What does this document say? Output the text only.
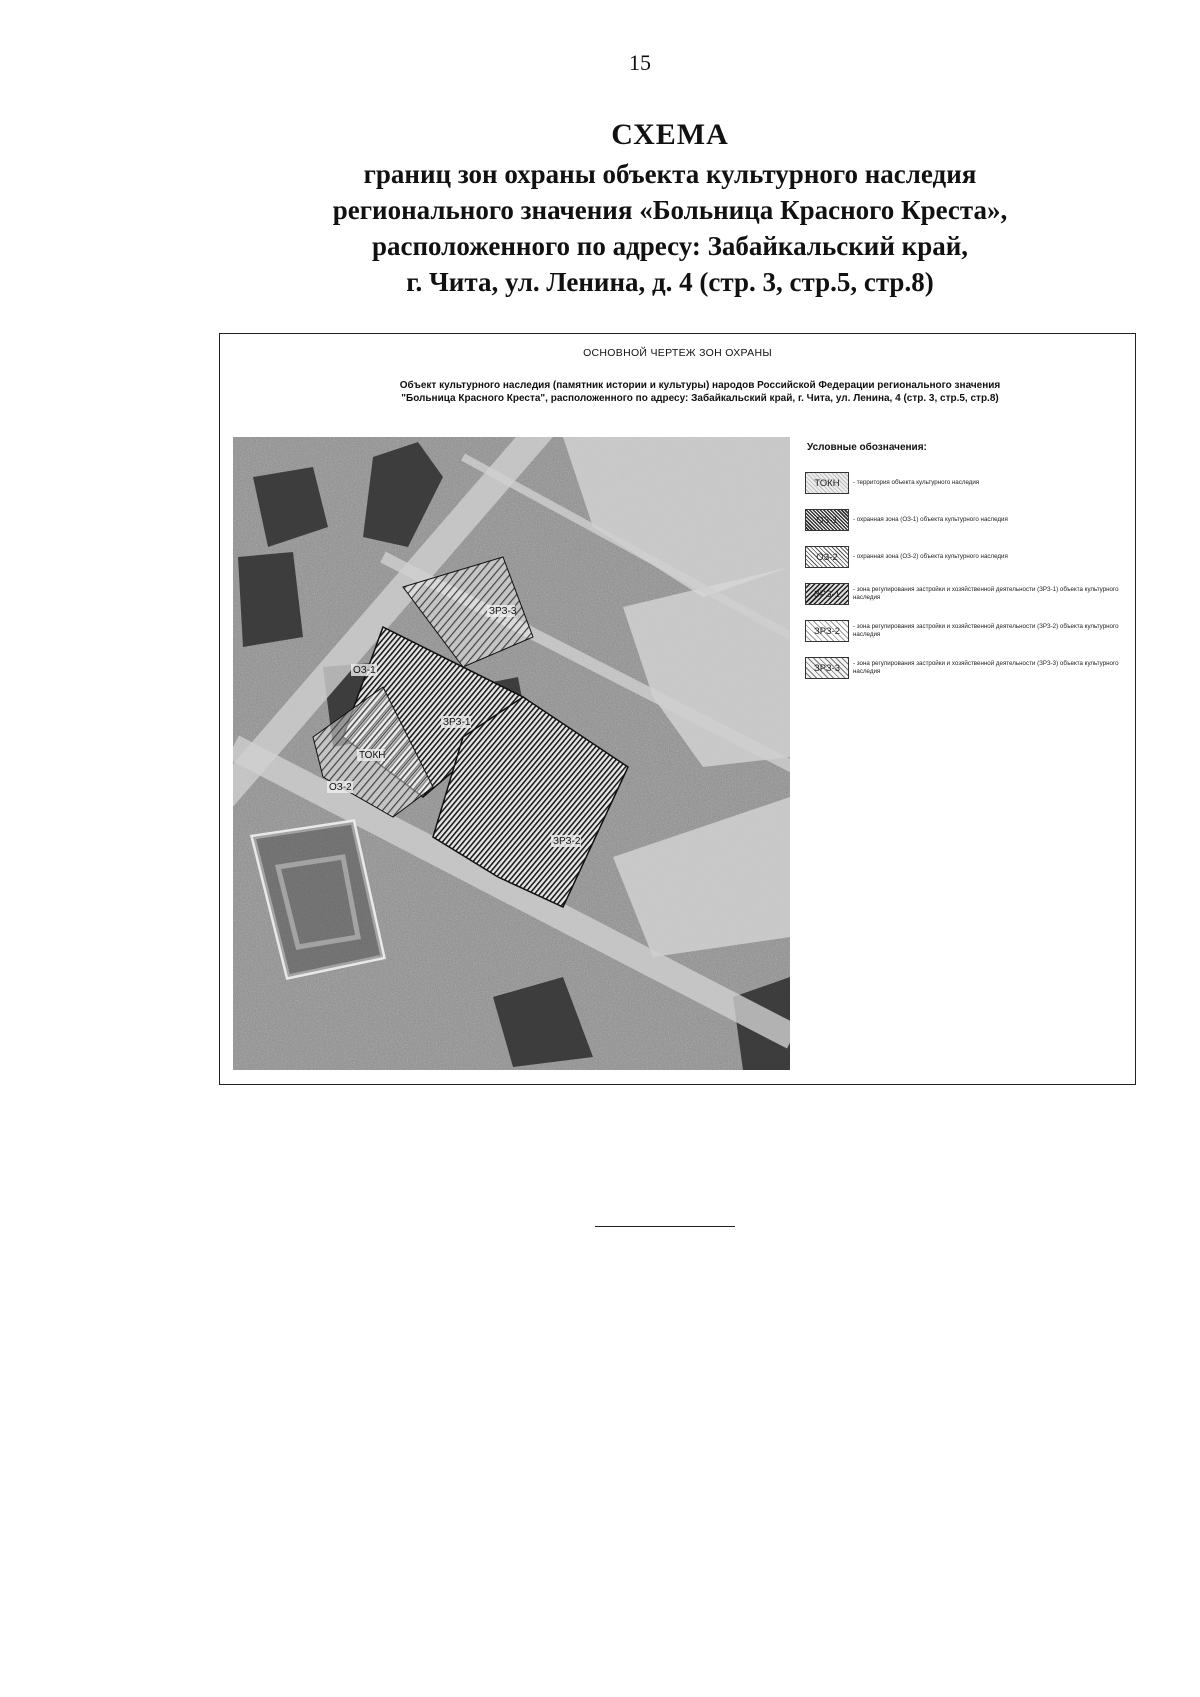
15
СХЕМА
границ зон охраны объекта культурного наследия
регионального значения «Больница Красного Креста»,
расположенного по адресу: Забайкальский край,
г. Чита, ул. Ленина, д. 4 (стр. 3, стр.5, стр.8)
ОСНОВНОЙ ЧЕРТЕЖ ЗОН ОХРАНЫ
Объект культурного наследия (памятник истории и культуры) народов Российской Федерации регионального значения
"Больница Красного Креста", расположенного по адресу: Забайкальский край, г. Чита, ул. Ленина, 4 (стр. 3, стр.5, стр.8)
ЗРЗ-3
ОЗ-1
ЗРЗ-1
ТОКН
ОЗ-2
ЗРЗ-2
Условные обозначения:
ТОКН	- территория объекта культурного наследия
ОЗ-1	- охранная зона (ОЗ-1) объекта культурного наследия
ОЗ-2	- охранная зона (ОЗ-2) объекта культурного наследия
ЗРЗ-1	- зона регулирования застройки и хозяйственной деятельности (ЗРЗ-1) объекта культурного наследия
ЗРЗ-2	- зона регулирования застройки и хозяйственной деятельности (ЗРЗ-2) объекта культурного наследия
ЗРЗ-3	- зона регулирования застройки и хозяйственной деятельности (ЗРЗ-3) объекта культурного наследия
